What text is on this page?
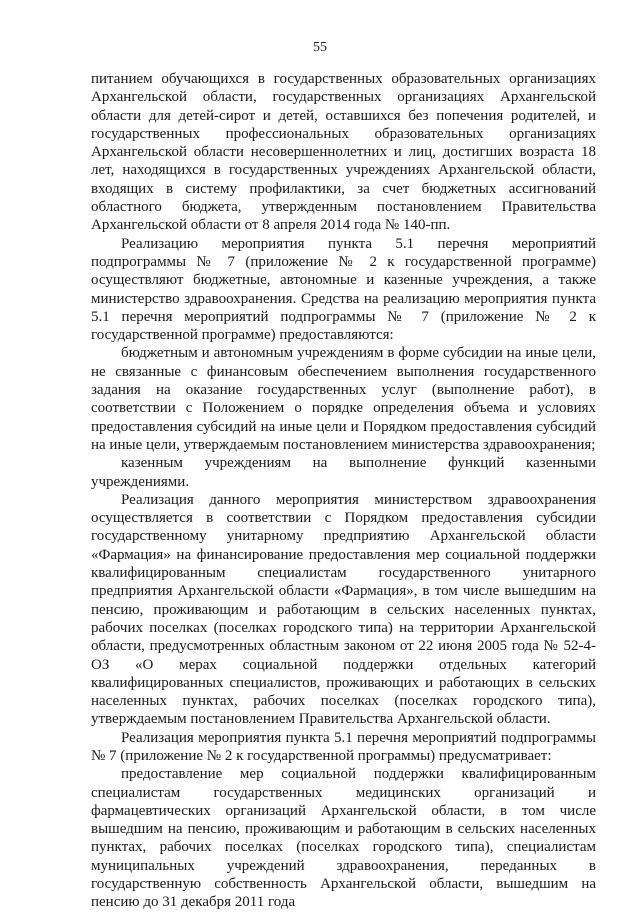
55

питанием обучающихся в государственных образовательных организациях Архангельской области, государственных организациях Архангельской области для детей-сирот и детей, оставшихся без попечения родителей, и государственных профессиональных образовательных организациях Архангельской области несовершеннолетних и лиц, достигших возраста 18 лет, находящихся в государственных учреждениях Архангельской области, входящих в систему профилактики, за счет бюджетных ассигнований областного бюджета, утвержденным постановлением Правительства Архангельской области от 8 апреля 2014 года № 140-пп.

Реализацию мероприятия пункта 5.1 перечня мероприятий подпрограммы № 7 (приложение № 2 к государственной программе) осуществляют бюджетные, автономные и казенные учреждения, а также министерство здравоохранения. Средства на реализацию мероприятия пункта 5.1 перечня мероприятий подпрограммы № 7 (приложение № 2 к государственной программе) предоставляются:

бюджетным и автономным учреждениям в форме субсидии на иные цели, не связанные с финансовым обеспечением выполнения государственного задания на оказание государственных услуг (выполнение работ), в соответствии с Положением о порядке определения объема и условиях предоставления субсидий на иные цели и Порядком предоставления субсидий на иные цели, утверждаемым постановлением министерства здравоохранения;

казенным учреждениям на выполнение функций казенными учреждениями.

Реализация данного мероприятия министерством здравоохранения осуществляется в соответствии с Порядком предоставления субсидии государственному унитарному предприятию Архангельской области «Фармация» на финансирование предоставления мер социальной поддержки квалифицированным специалистам государственного унитарного предприятия Архангельской области «Фармация», в том числе вышедшим на пенсию, проживающим и работающим в сельских населенных пунктах, рабочих поселках (поселках городского типа) на территории Архангельской области, предусмотренных областным законом от 22 июня 2005 года № 52-4-ОЗ «О мерах социальной поддержки отдельных категорий квалифицированных специалистов, проживающих и работающих в сельских населенных пунктах, рабочих поселках (поселках городского типа), утверждаемым постановлением Правительства Архангельской области.

Реализация мероприятия пункта 5.1 перечня мероприятий подпрограммы № 7 (приложение № 2 к государственной программы) предусматривает:

предоставление мер социальной поддержки квалифицированным специалистам государственных медицинских организаций и фармацевтических организаций Архангельской области, в том числе вышедшим на пенсию, проживающим и работающим в сельских населенных пунктах, рабочих поселках (поселках городского типа), специалистам муниципальных учреждений здравоохранения, переданных в государственную собственность Архангельской области, вышедшим на пенсию до 31 декабря 2011 года
